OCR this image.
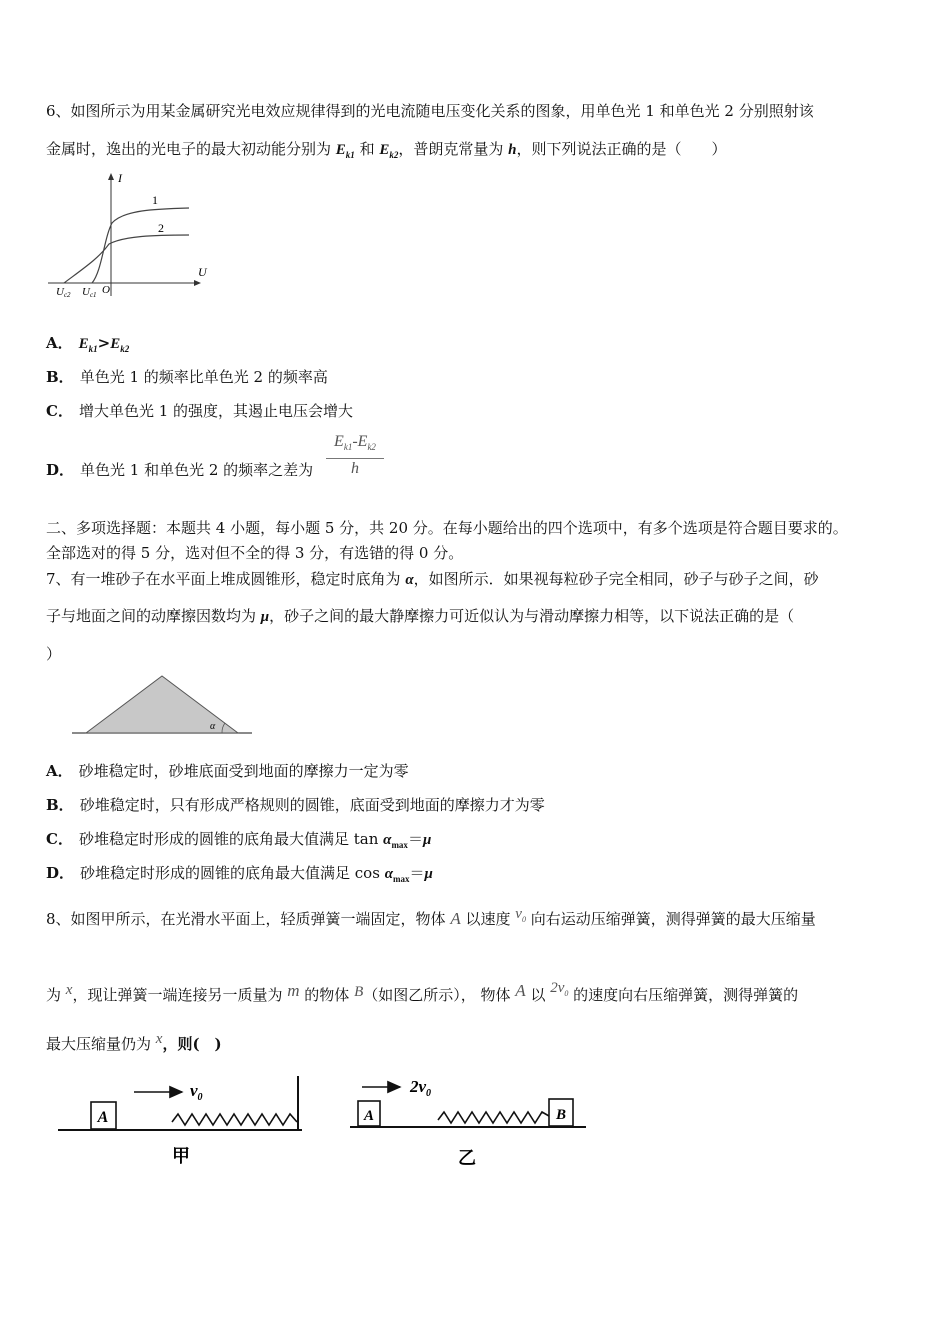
6、如图所示为用某金属研究光电效应规律得到的光电流随电压变化关系的图象，用单色光 1 和单色光 2 分别照射该
金属时，逸出的光电子的最大初动能分别为 $E_{k1}$ 和 $E_{k2}$，普朗克常量为 h，则下列说法正确的是（　　）
I
U
1
2
Uc2 Uc1 O
A． $E_{k1}>E_{k2}$
B． 单色光 1 的频率比单色光 2 的频率高
C． 增大单色光 1 的强度，其遏止电压会增大
D． 单色光 1 和单色光 2 的频率之差为
$E_{k1}-E_{k2}$
h
二、多项选择题：本题共 4 小题，每小题 5 分，共 20 分。在每小题给出的四个选项中，有多个选项是符合题目要求的。
全部选对的得 5 分，选对但不全的得 3 分，有选错的得 0 分。
7、有一堆砂子在水平面上堆成圆锥形，稳定时底角为 α，如图所示．如果视每粒砂子完全相同，砂子与砂子之间，砂
子与地面之间的动摩擦因数均为 μ，砂子之间的最大静摩擦力可近似认为与滑动摩擦力相等，以下说法正确的是（
）
α
A． 砂堆稳定时，砂堆底面受到地面的摩擦力一定为零
B． 砂堆稳定时，只有形成严格规则的圆锥，底面受到地面的摩擦力才为零
C． 砂堆稳定时形成的圆锥的底角最大值满足 $\tan \alpha_{max}=\mu$
D． 砂堆稳定时形成的圆锥的底角最大值满足 $\cos \alpha_{max}=\mu$
8、如图甲所示，在光滑水平面上，轻质弹簧一端固定，物体 A 以速度 $v_0$ 向右运动压缩弹簧，测得弹簧的最大压缩量
为 x，现让弹簧一端连接另一质量为 m 的物体 B（如图乙所示）， 物体 A 以 $2v_0$ 的速度向右压缩弹簧，测得弹簧的
最大压缩量仍为 x，则(　)
A
$v_0$
甲
A	B
$2v_0$
乙
